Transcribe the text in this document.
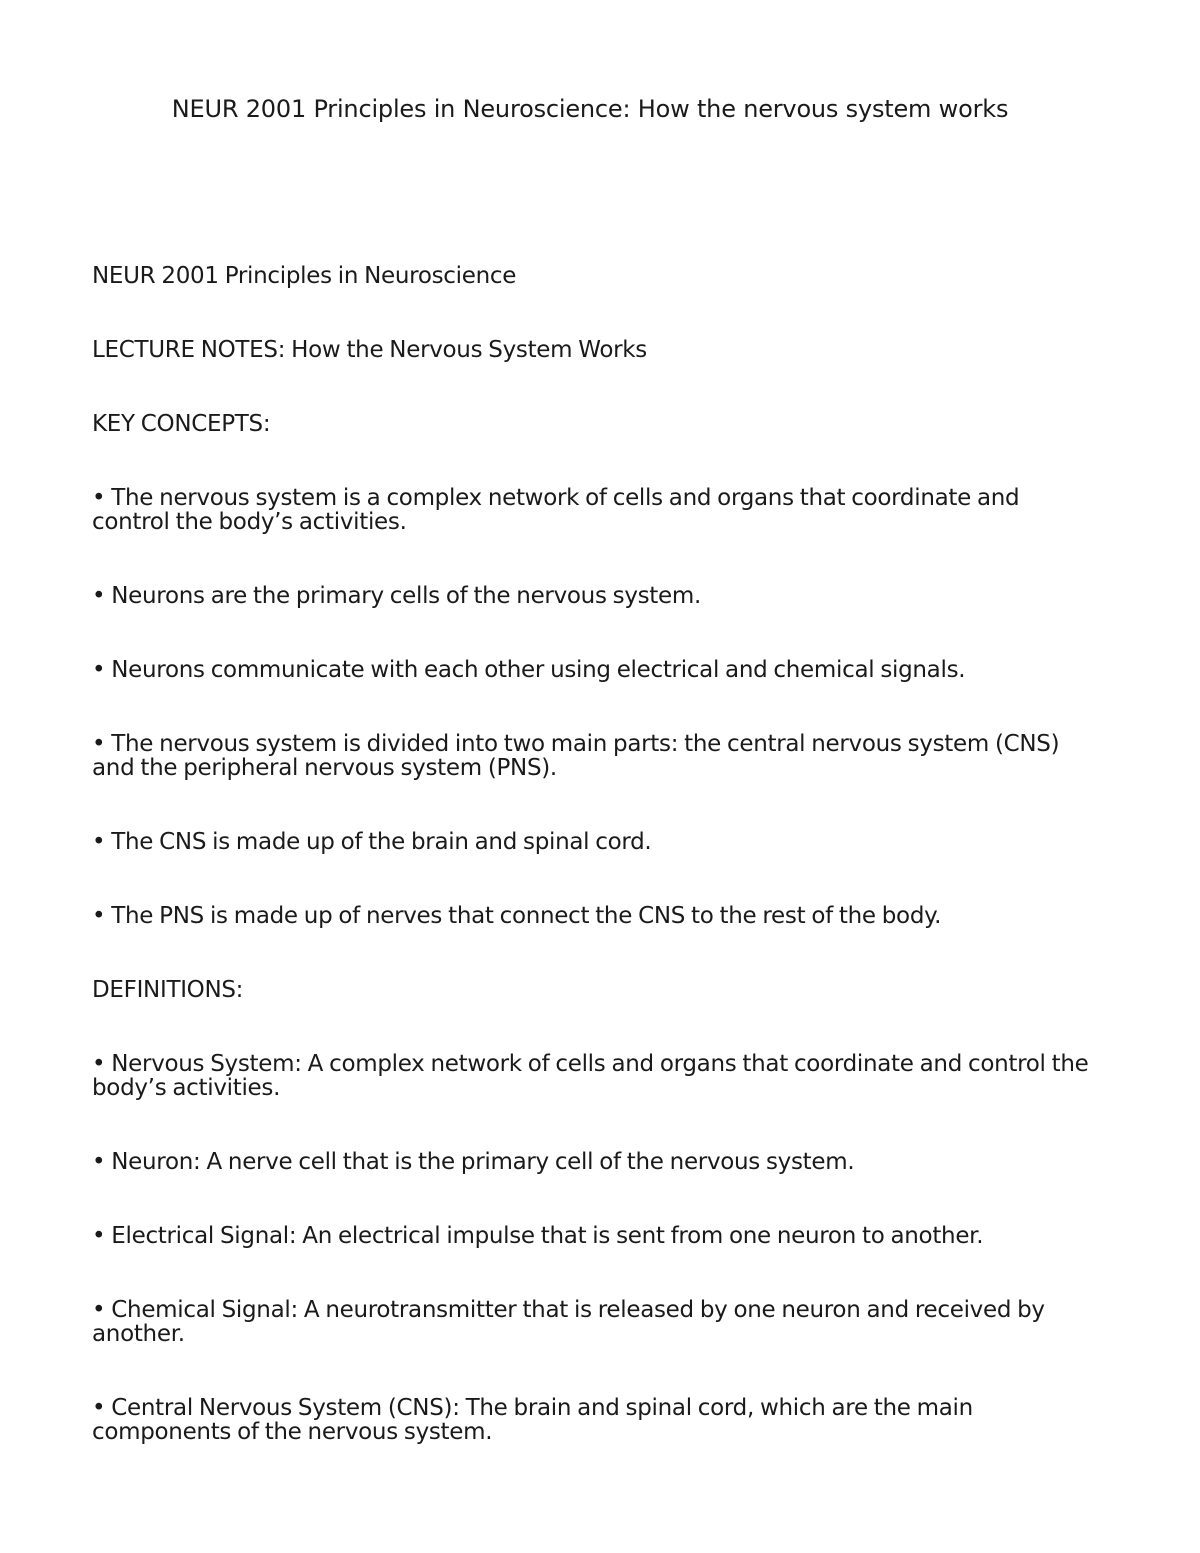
NEUR 2001 Principles in Neuroscience: How the nervous system works

NEUR 2001 Principles in Neuroscience

LECTURE NOTES: How the Nervous System Works

KEY CONCEPTS:

• The nervous system is a complex network of cells and organs that coordinate and control the body’s activities.

• Neurons are the primary cells of the nervous system.

• Neurons communicate with each other using electrical and chemical signals.

• The nervous system is divided into two main parts: the central nervous system (CNS) and the peripheral nervous system (PNS).

• The CNS is made up of the brain and spinal cord.

• The PNS is made up of nerves that connect the CNS to the rest of the body.

DEFINITIONS:

• Nervous System: A complex network of cells and organs that coordinate and control the body’s activities.

• Neuron: A nerve cell that is the primary cell of the nervous system.

• Electrical Signal: An electrical impulse that is sent from one neuron to another.

• Chemical Signal: A neurotransmitter that is released by one neuron and received by another.

• Central Nervous System (CNS): The brain and spinal cord, which are the main components of the nervous system.
